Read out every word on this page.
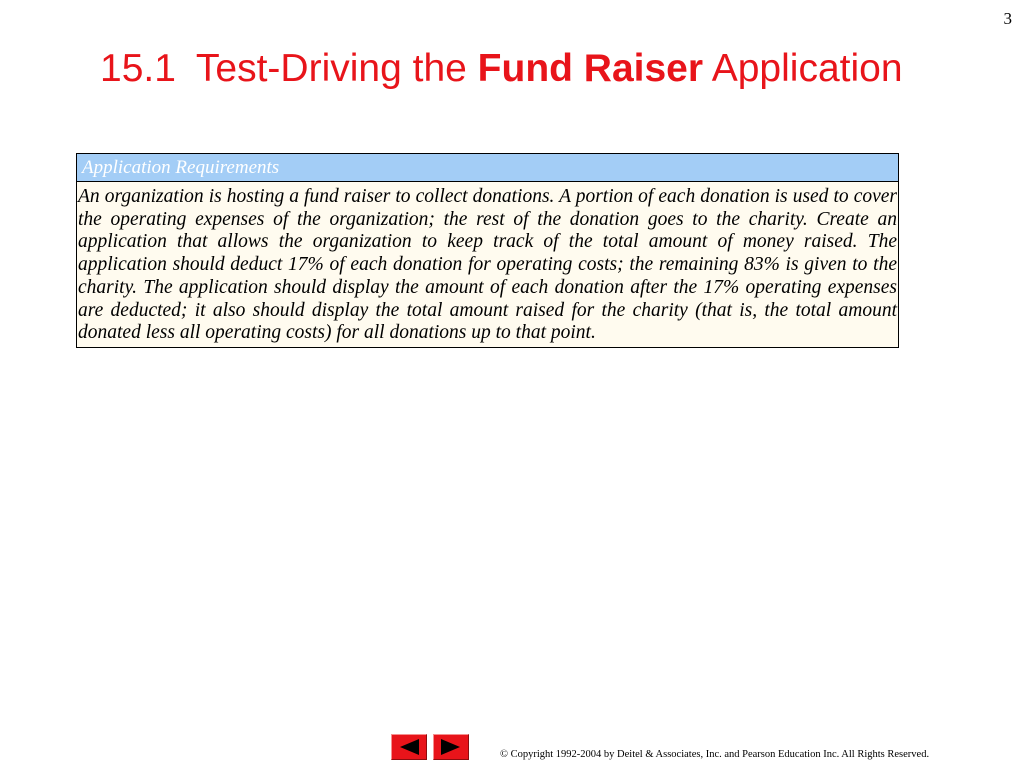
3
15.1 Test-Driving the Fund Raiser Application
Application Requirements
An organization is hosting a fund raiser to collect donations. A portion of each donation is used to cover the operating expenses of the organization; the rest of the donation goes to the charity. Create an application that allows the organization to keep track of the total amount of money raised. The application should deduct 17% of each donation for operating costs; the remaining 83% is given to the charity. The application should display the amount of each donation after the 17% operating expenses are deducted; it also should display the total amount raised for the charity (that is, the total amount donated less all operating costs) for all donations up to that point.
© Copyright 1992-2004 by Deitel & Associates, Inc. and Pearson Education Inc. All Rights Reserved.
